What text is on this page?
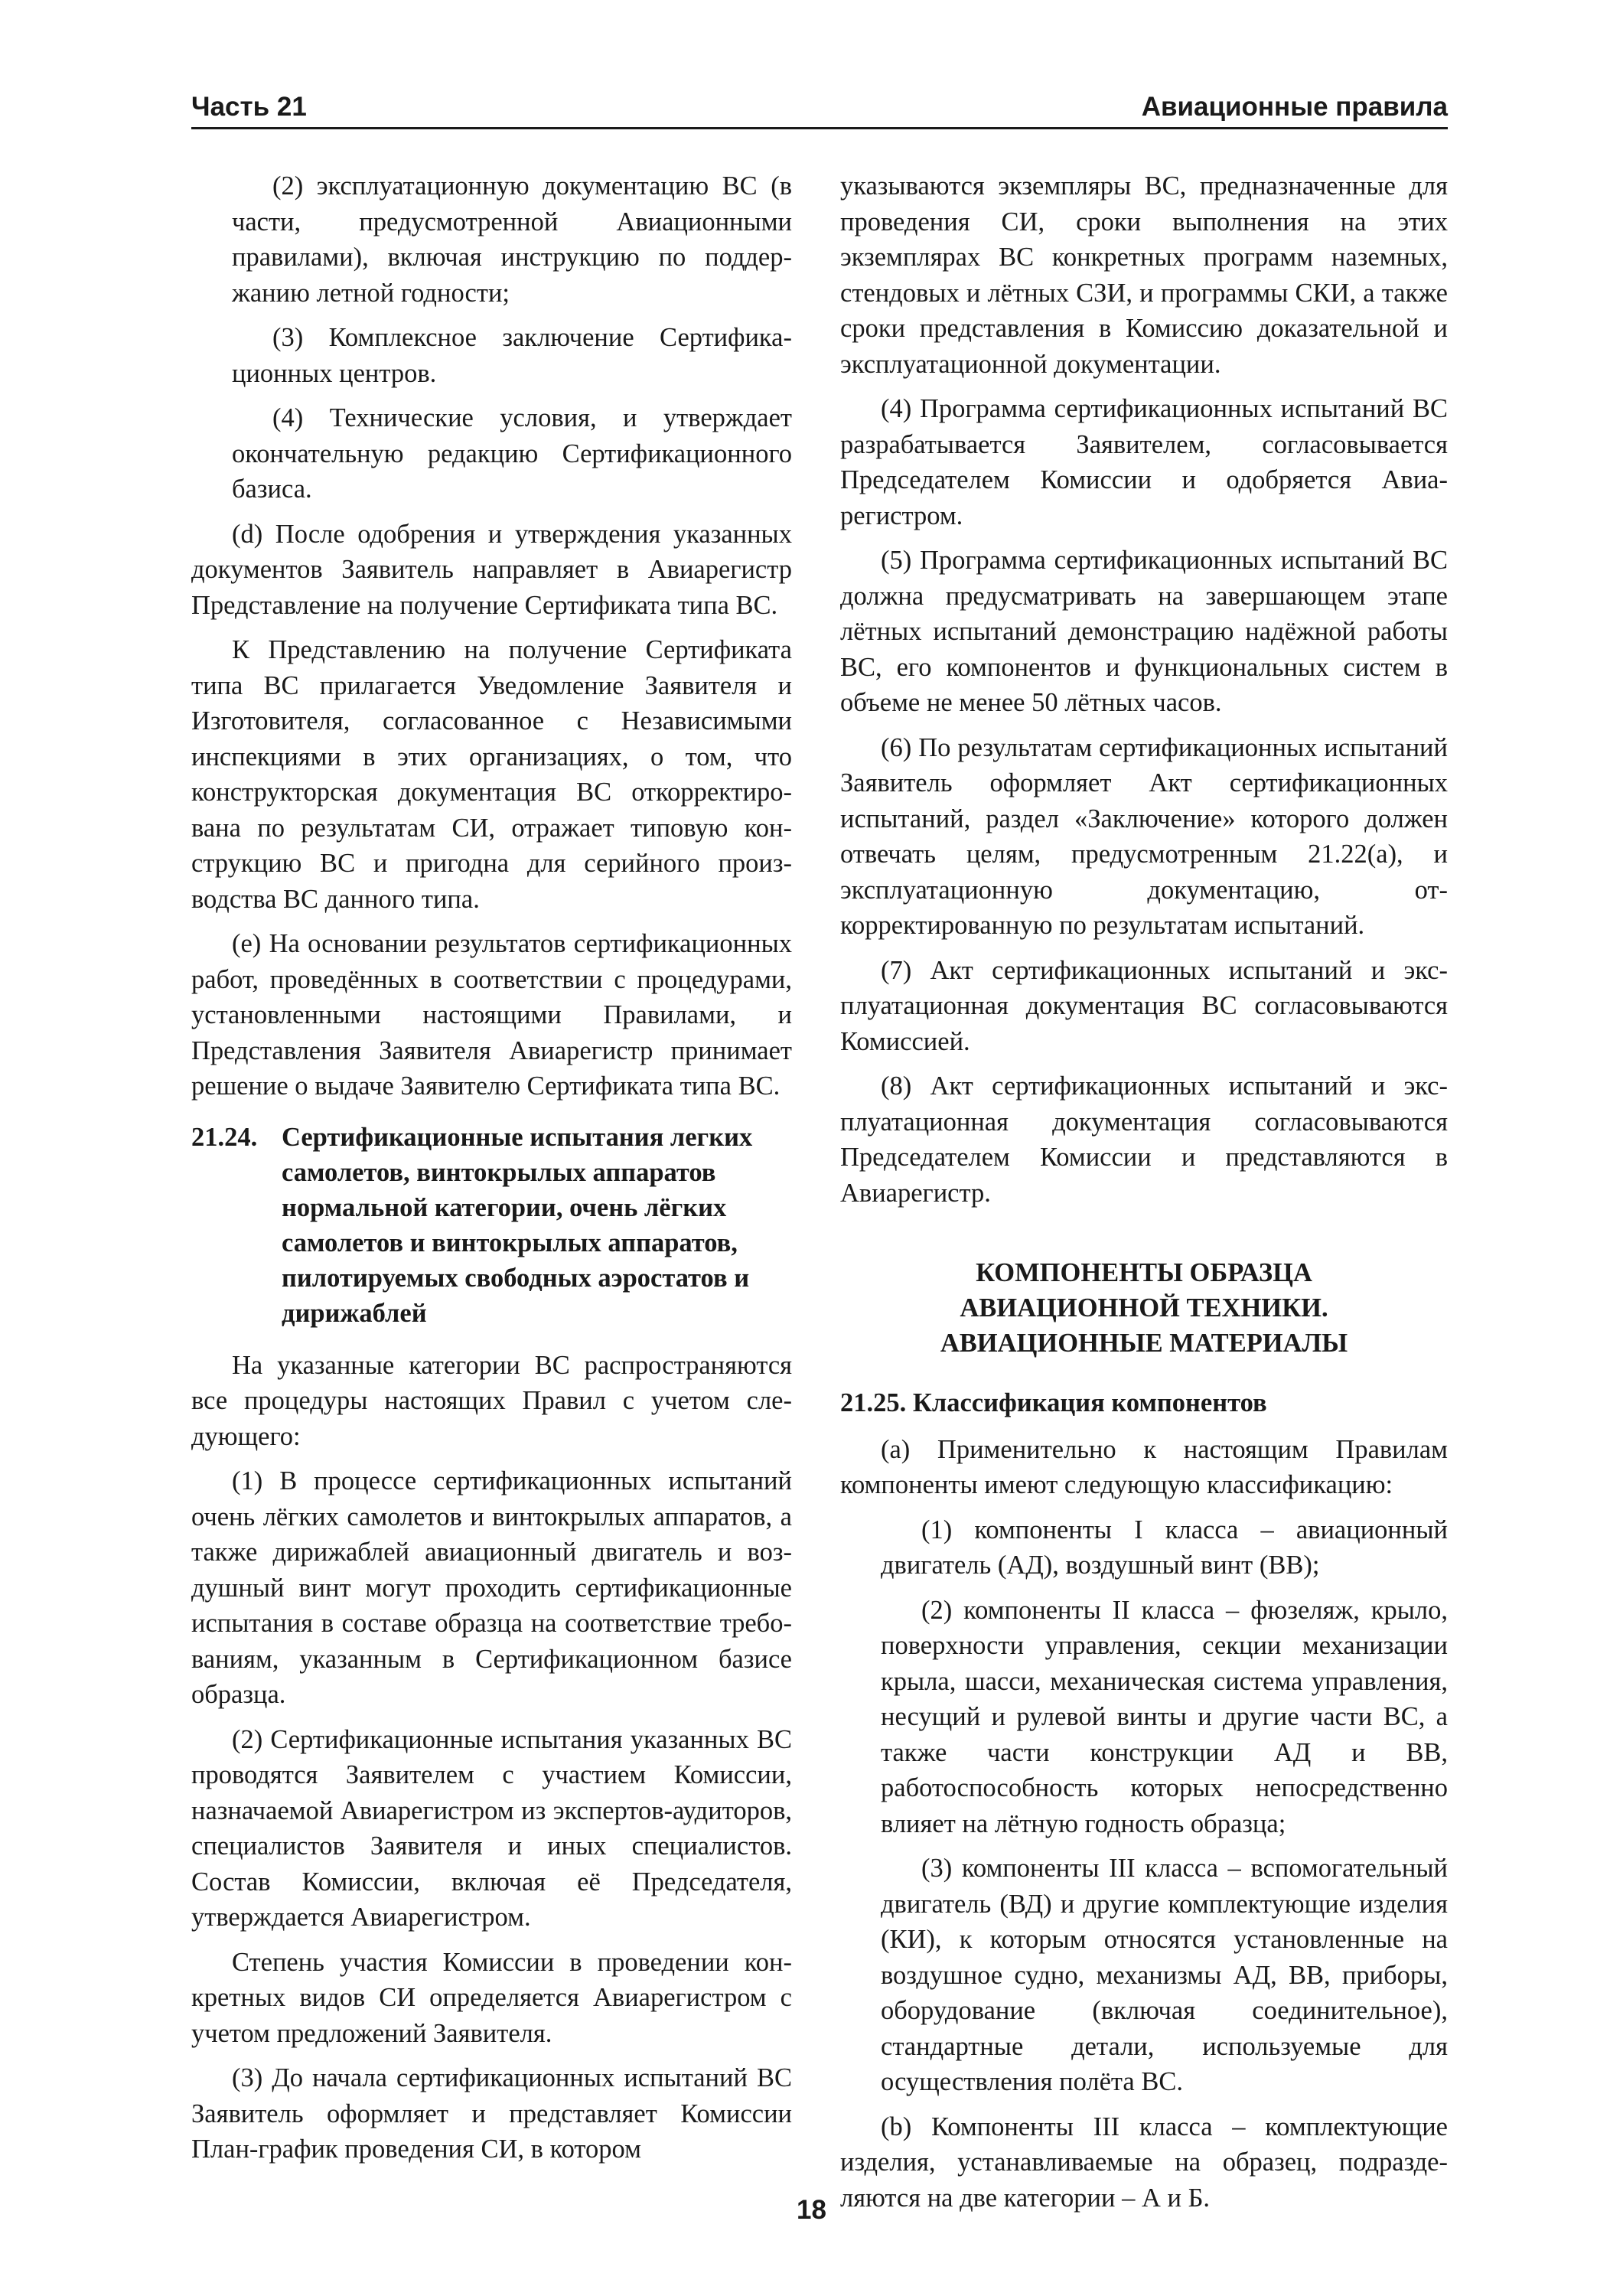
Часть 21	Авиационные правила

(2) эксплуатационную документацию ВС (в части, предусмотренной Авиационными правилами), включая инструкцию по поддержанию летной годности;

(3) Комплексное заключение Сертификационных центров.

(4) Технические условия, и утверждает окончательную редакцию Сертификационного базиса.

(d) После одобрения и утверждения указанных документов Заявитель направляет в Авиарегистр Представление на получение Сертификата типа ВС.

К Представлению на получение Сертификата типа ВС прилагается Уведомление Заявителя и Изготовителя, согласованное с Независимыми инспекциями в этих организациях, о том, что конструкторская документация ВС откорректирована по результатам СИ, отражает типовую конструкцию ВС и пригодна для серийного производства ВС данного типа.

(e) На основании результатов сертификационных работ, проведённых в соответствии с процедурами, установленными настоящими Правилами, и Представления Заявителя Авиарегистр принимает решение о выдаче Заявителю Сертификата типа ВС.

21.24. Сертификационные испытания легких самолетов, винтокрылых аппаратов нормальной категории, очень лёгких самолетов и винтокрылых аппаратов, пилотируемых свободных аэростатов и дирижаблей

На указанные категории ВС распространяются все процедуры настоящих Правил с учетом следующего:

(1) В процессе сертификационных испытаний очень лёгких самолетов и винтокрылых аппаратов, а также дирижаблей авиационный двигатель и воздушный винт могут проходить сертификационные испытания в составе образца на соответствие требованиям, указанным в Сертификационном базисе образца.

(2) Сертификационные испытания указанных ВС проводятся Заявителем с участием Комиссии, назначаемой Авиарегистром из экспертов-аудиторов, специалистов Заявителя и иных специалистов. Состав Комиссии, включая её Председателя, утверждается Авиарегистром.

Степень участия Комиссии в проведении конкретных видов СИ определяется Авиарегистром с учетом предложений Заявителя.

(3) До начала сертификационных испытаний ВС Заявитель оформляет и представляет Комиссии План-график проведения СИ, в котором

указываются экземпляры ВС, предназначенные для проведения СИ, сроки выполнения на этих экземплярах ВС конкретных программ наземных, стендовых и лётных СЗИ, и программы СКИ, а также сроки представления в Комиссию доказательной и эксплуатационной документации.

(4) Программа сертификационных испытаний ВС разрабатывается Заявителем, согласовывается Председателем Комиссии и одобряется Авиарегистром.

(5) Программа сертификационных испытаний ВС должна предусматривать на завершающем этапе лётных испытаний демонстрацию надёжной работы ВС, его компонентов и функциональных систем в объеме не менее 50 лётных часов.

(6) По результатам сертификационных испытаний Заявитель оформляет Акт сертификационных испытаний, раздел «Заключение» которого должен отвечать целям, предусмотренным 21.22(a), и эксплуатационную документацию, откорректированную по результатам испытаний.

(7) Акт сертификационных испытаний и эксплуатационная документация ВС согласовываются Комиссией.

(8) Акт сертификационных испытаний и эксплуатационная документация согласовываются Председателем Комиссии и представляются в Авиарегистр.

КОМПОНЕНТЫ ОБРАЗЦА
АВИАЦИОННОЙ ТЕХНИКИ.
АВИАЦИОННЫЕ МАТЕРИАЛЫ
21.25. Классификация компонентов

(a) Применительно к настоящим Правилам компоненты имеют следующую классификацию:

(1) компоненты I класса – авиационный двигатель (АД), воздушный винт (ВВ);

(2) компоненты II класса – фюзеляж, крыло, поверхности управления, секции механизации крыла, шасси, механическая система управления, несущий и рулевой винты и другие части ВС, а также части конструкции АД и ВВ, работоспособность которых непосредственно влияет на лётную годность образца;

(3) компоненты III класса – вспомогательный двигатель (ВД) и другие комплектующие изделия (КИ), к которым относятся установленные на воздушное судно, механизмы АД, ВВ, приборы, оборудование (включая соединительное), стандартные детали, используемые для осуществления полёта ВС.

(b) Компоненты III класса – комплектующие изделия, устанавливаемые на образец, подразделяются на две категории – А и Б.

18
